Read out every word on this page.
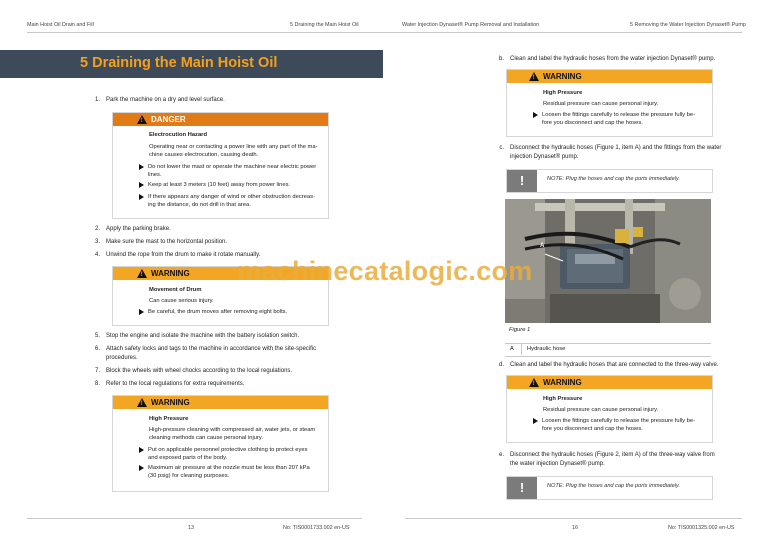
Main Hoist Oil Drain and Fill	5 Draining the Main Hoist Oil	Water Injection Dynaset® Pump Removal and Installation	5 Removing the Water Injection Dynaset® Pump
5 Draining the Main Hoist Oil
1. Park the machine on a dry and level surface.
!
DANGER
Electrocution Hazard
Operating near or contacting a power line with any part of the ma-
chine causes electrocution, causing death.
Do not lower the mast or operate the machine near electric power
lines.
Keep at least 3 meters (10 feet) away from power lines.
If there appears any danger of wind or other obstruction decreas-
ing the distance, do not drill in that area.
2. Apply the parking brake.
3. Make sure the mast to the horizontal position.
4. Unwind the rope from the drum to make it rotate manually.
!
WARNING
Movement of Drum
Can cause serious injury.
Be careful, the drum moves after removing eight bolts.
5. Stop the engine and isolate the machine with the battery isolation switch.
6. Attach safety locks and tags to the machine in accordance with the site-specific
procedures.
7. Block the wheels with wheel chocks according to the local regulations.
8. Refer to the local regulations for extra requirements.
!
WARNING
High Pressure
High-pressure cleaning with compressed air, water jets, or steam
cleaning methods can cause personal injury.
Put on applicable personnel protective clothing to protect eyes
and exposed parts of the body.
Maximum air pressure at the nozzle must be less than 207 kPa
(30 psig) for cleaning purposes.
13	No: TIS0001733.002 en-US
b. Clean and label the hydraulic hoses from the water injection Dynaset® pump.
!
WARNING
High Pressure
Residual pressure can cause personal injury.
Loosen the fittings carefully to release the pressure fully be-
fore you disconnect and cap the hoses.
c. Disconnect the hydraulic hoses (Figure 1, item A) and the fittings from the water
injection Dynaset® pump.
!	NOTE: Plug the hoses and cap the ports immediately.
A
Figure 1
A Hydraulic hose
d. Clean and label the hydraulic hoses that are connected to the three-way valve.
!
WARNING
High Pressure
Residual pressure can cause personal injury.
Loosen the fittings carefully to release the pressure fully be-
fore you disconnect and cap the hoses.
e. Disconnect the hydraulic hoses (Figure 2, item A) of the three-way valve from
the water injection Dynaset® pump.
!	NOTE: Plug the hoses and cap the ports immediately.
16	No: TIS0001325.002 en-US
machinecatalogic.com
